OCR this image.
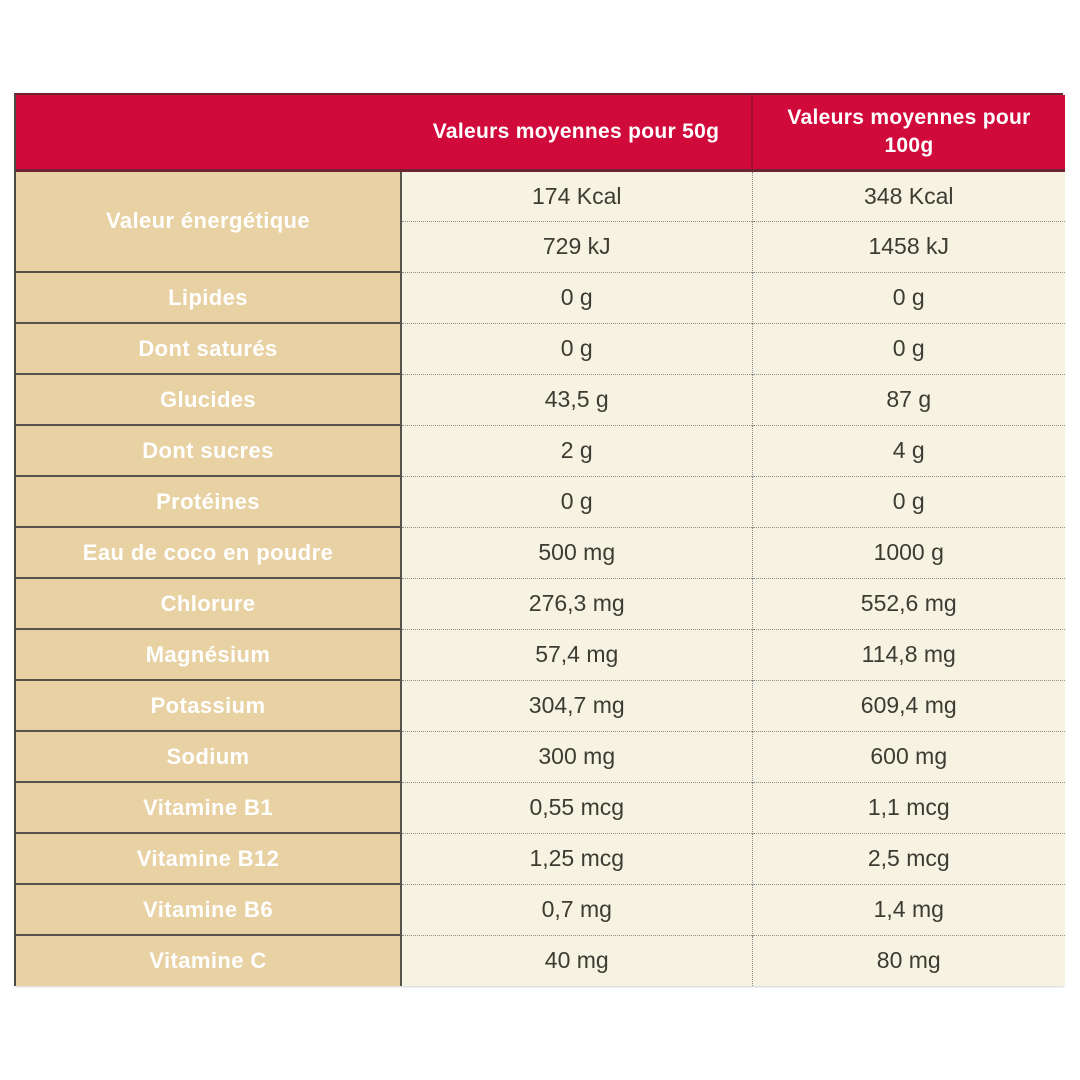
	Valeurs moyennes pour 50g	Valeurs moyennes pour 100g
Valeur énergétique	174 Kcal	348 Kcal
	729 kJ	1458 kJ
Lipides	0 g	0 g
Dont saturés	0 g	0 g
Glucides	43,5 g	87 g
Dont sucres	2 g	4 g
Protéines	0 g	0 g
Eau de coco en poudre	500 mg	1000 g
Chlorure	276,3 mg	552,6 mg
Magnésium	57,4 mg	114,8 mg
Potassium	304,7 mg	609,4 mg
Sodium	300 mg	600 mg
Vitamine B1	0,55 mcg	1,1 mcg
Vitamine B12	1,25 mcg	2,5 mcg
Vitamine B6	0,7 mg	1,4 mg
Vitamine C	40 mg	80 mg
